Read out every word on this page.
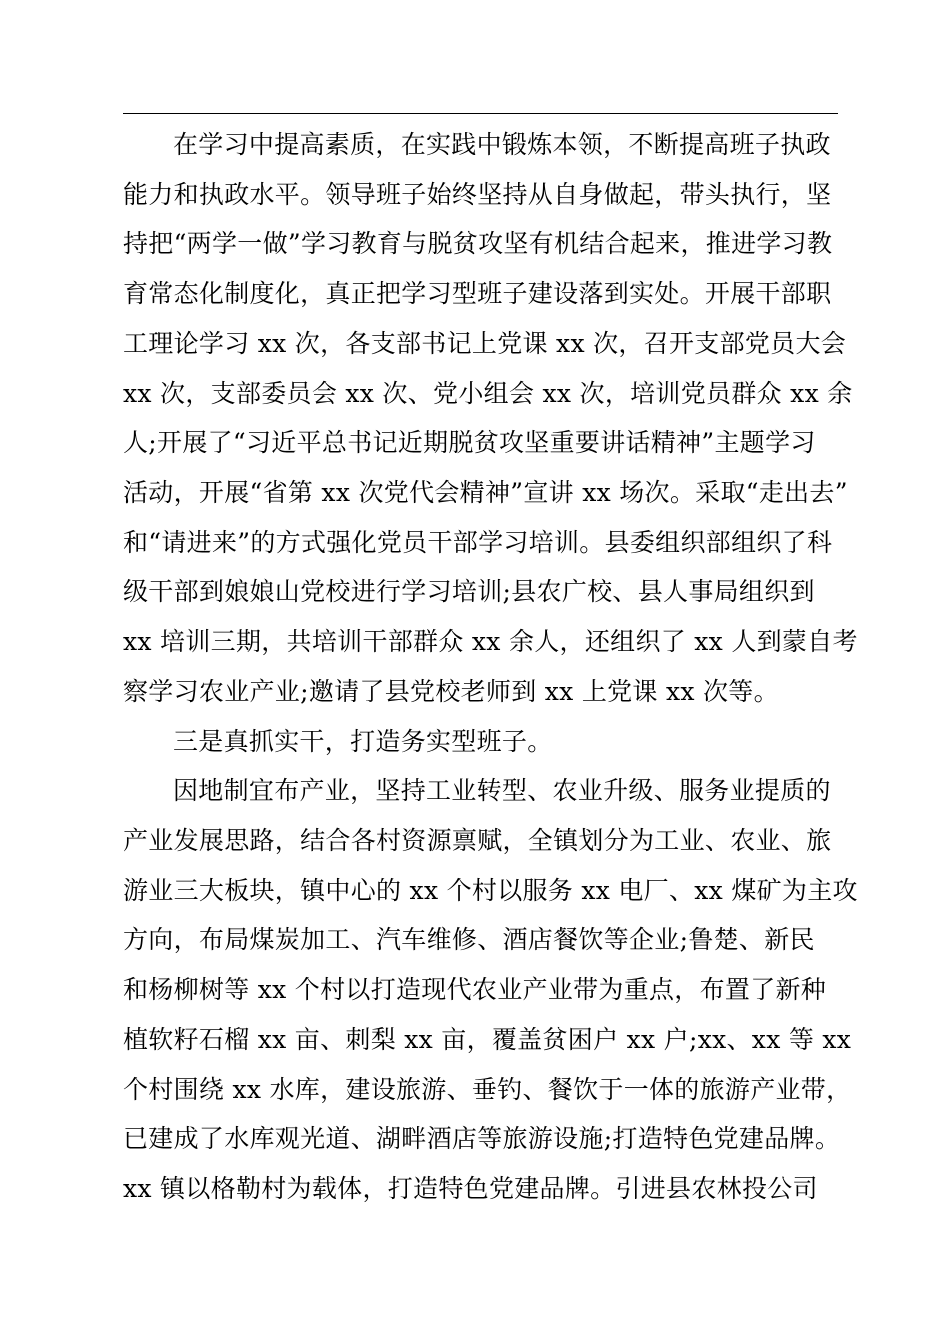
在学习中提高素质，在实践中锻炼本领，不断提高班子执政
能力和执政水平。领导班子始终坚持从自身做起，带头执行，坚
持把“两学一做”学习教育与脱贫攻坚有机结合起来，推进学习教
育常态化制度化，真正把学习型班子建设落到实处。开展干部职
工理论学习 xx 次，各支部书记上党课 xx 次，召开支部党员大会
xx 次，支部委员会 xx 次、党小组会 xx 次，培训党员群众 xx 余
人;开展了“习近平总书记近期脱贫攻坚重要讲话精神”主题学习
活动，开展“省第 xx 次党代会精神”宣讲 xx 场次。采取“走出去”
和“请进来”的方式强化党员干部学习培训。县委组织部组织了科
级干部到娘娘山党校进行学习培训;县农广校、县人事局组织到
xx 培训三期，共培训干部群众 xx 余人，还组织了 xx 人到蒙自考
察学习农业产业;邀请了县党校老师到 xx 上党课 xx 次等。
三是真抓实干，打造务实型班子。
因地制宜布产业，坚持工业转型、农业升级、服务业提质的
产业发展思路，结合各村资源禀赋，全镇划分为工业、农业、旅
游业三大板块，镇中心的 xx 个村以服务 xx 电厂、xx 煤矿为主攻
方向，布局煤炭加工、汽车维修、酒店餐饮等企业;鲁楚、新民
和杨柳树等 xx 个村以打造现代农业产业带为重点，布置了新种
植软籽石榴 xx 亩、刺梨 xx 亩，覆盖贫困户 xx 户;xx、xx 等 xx
个村围绕 xx 水库，建设旅游、垂钓、餐饮于一体的旅游产业带，
已建成了水库观光道、湖畔酒店等旅游设施;打造特色党建品牌。
xx 镇以格勒村为载体，打造特色党建品牌。引进县农林投公司
